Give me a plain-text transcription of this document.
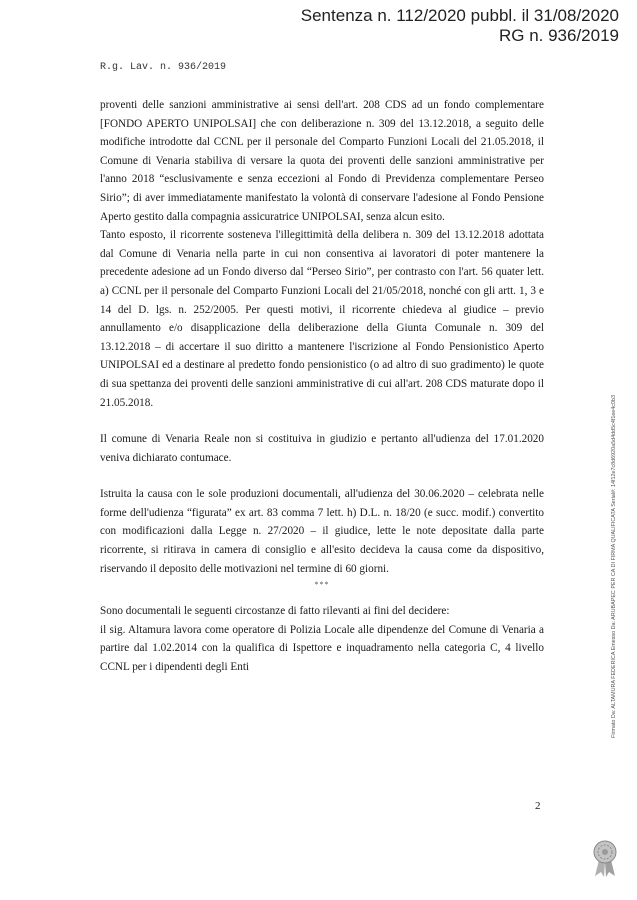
Sentenza n. 112/2020 pubbl. il 31/08/2020
RG n. 936/2019
R.g. Lav. n. 936/2019

proventi delle sanzioni amministrative ai sensi dell'art. 208 CDS ad un fondo complementare [FONDO APERTO UNIPOLSAI] che con deliberazione n. 309 del 13.12.2018, a seguito delle modifiche introdotte dal CCNL per il personale del Comparto Funzioni Locali del 21.05.2018, il Comune di Venaria stabiliva di versare la quota dei proventi delle sanzioni amministrative per l'anno 2018 “esclusivamente e senza eccezioni al Fondo di Previdenza complementare Perseo Sirio”; di aver immediatamente manifestato la volontà di conservare l'adesione al Fondo Pensione Aperto gestito dalla compagnia assicuratrice UNIPOLSAI, senza alcun esito.

Tanto esposto, il ricorrente sosteneva l'illegittimità della delibera n. 309 del 13.12.2018 adottata dal Comune di Venaria nella parte in cui non consentiva ai lavoratori di poter mantenere la precedente adesione ad un Fondo diverso dal “Perseo Sirio”, per contrasto con l'art. 56 quater lett. a) CCNL per il personale del Comparto Funzioni Locali del 21/05/2018, nonché con gli artt. 1, 3 e 14 del D. lgs. n. 252/2005. Per questi motivi, il ricorrente chiedeva al giudice – previo annullamento e/o disapplicazione della deliberazione della Giunta Comunale n. 309 del 13.12.2018 – di accertare il suo diritto a mantenere l'iscrizione al Fondo Pensionistico Aperto UNIPOLSAI ed a destinare al predetto fondo pensionistico (o ad altro di suo gradimento) le quote di sua spettanza dei proventi delle sanzioni amministrative di cui all'art. 208 CDS maturate dopo il 21.05.2018.

Il comune di Venaria Reale non si costituiva in giudizio e pertanto all'udienza del 17.01.2020 veniva dichiarato contumace.

Istruita la causa con le sole produzioni documentali, all'udienza del 30.06.2020 – celebrata nelle forme dell'udienza “figurata” ex art. 83 comma 7 lett. h) D.L. n. 18/20 (e succ. modif.) convertito con modificazioni dalla Legge n. 27/2020 – il giudice, lette le note depositate dalla parte ricorrente, si ritirava in camera di consiglio e all'esito decideva la causa come da dispositivo, riservando il deposito delle motivazioni nel termine di 60 giorni.

***

Sono documentali le seguenti circostanze di fatto rilevanti ai fini del decidere:

il sig. Altamura lavora come operatore di Polizia Locale alle dipendenze del Comune di Venaria a partire dal 1.02.2014 con la qualifica di Ispettore e inquadramento nella categoria C, 4 livello CCNL per i dipendenti degli Enti

2
Firmato Da: ALTAMURA FEDERICA Emesso Da: ARUBAPEC PER CA DI FIRMA QUALIFICATA Serial#: 14f12e7c8d6920a5d4dd5c4f1ee4c0b3
